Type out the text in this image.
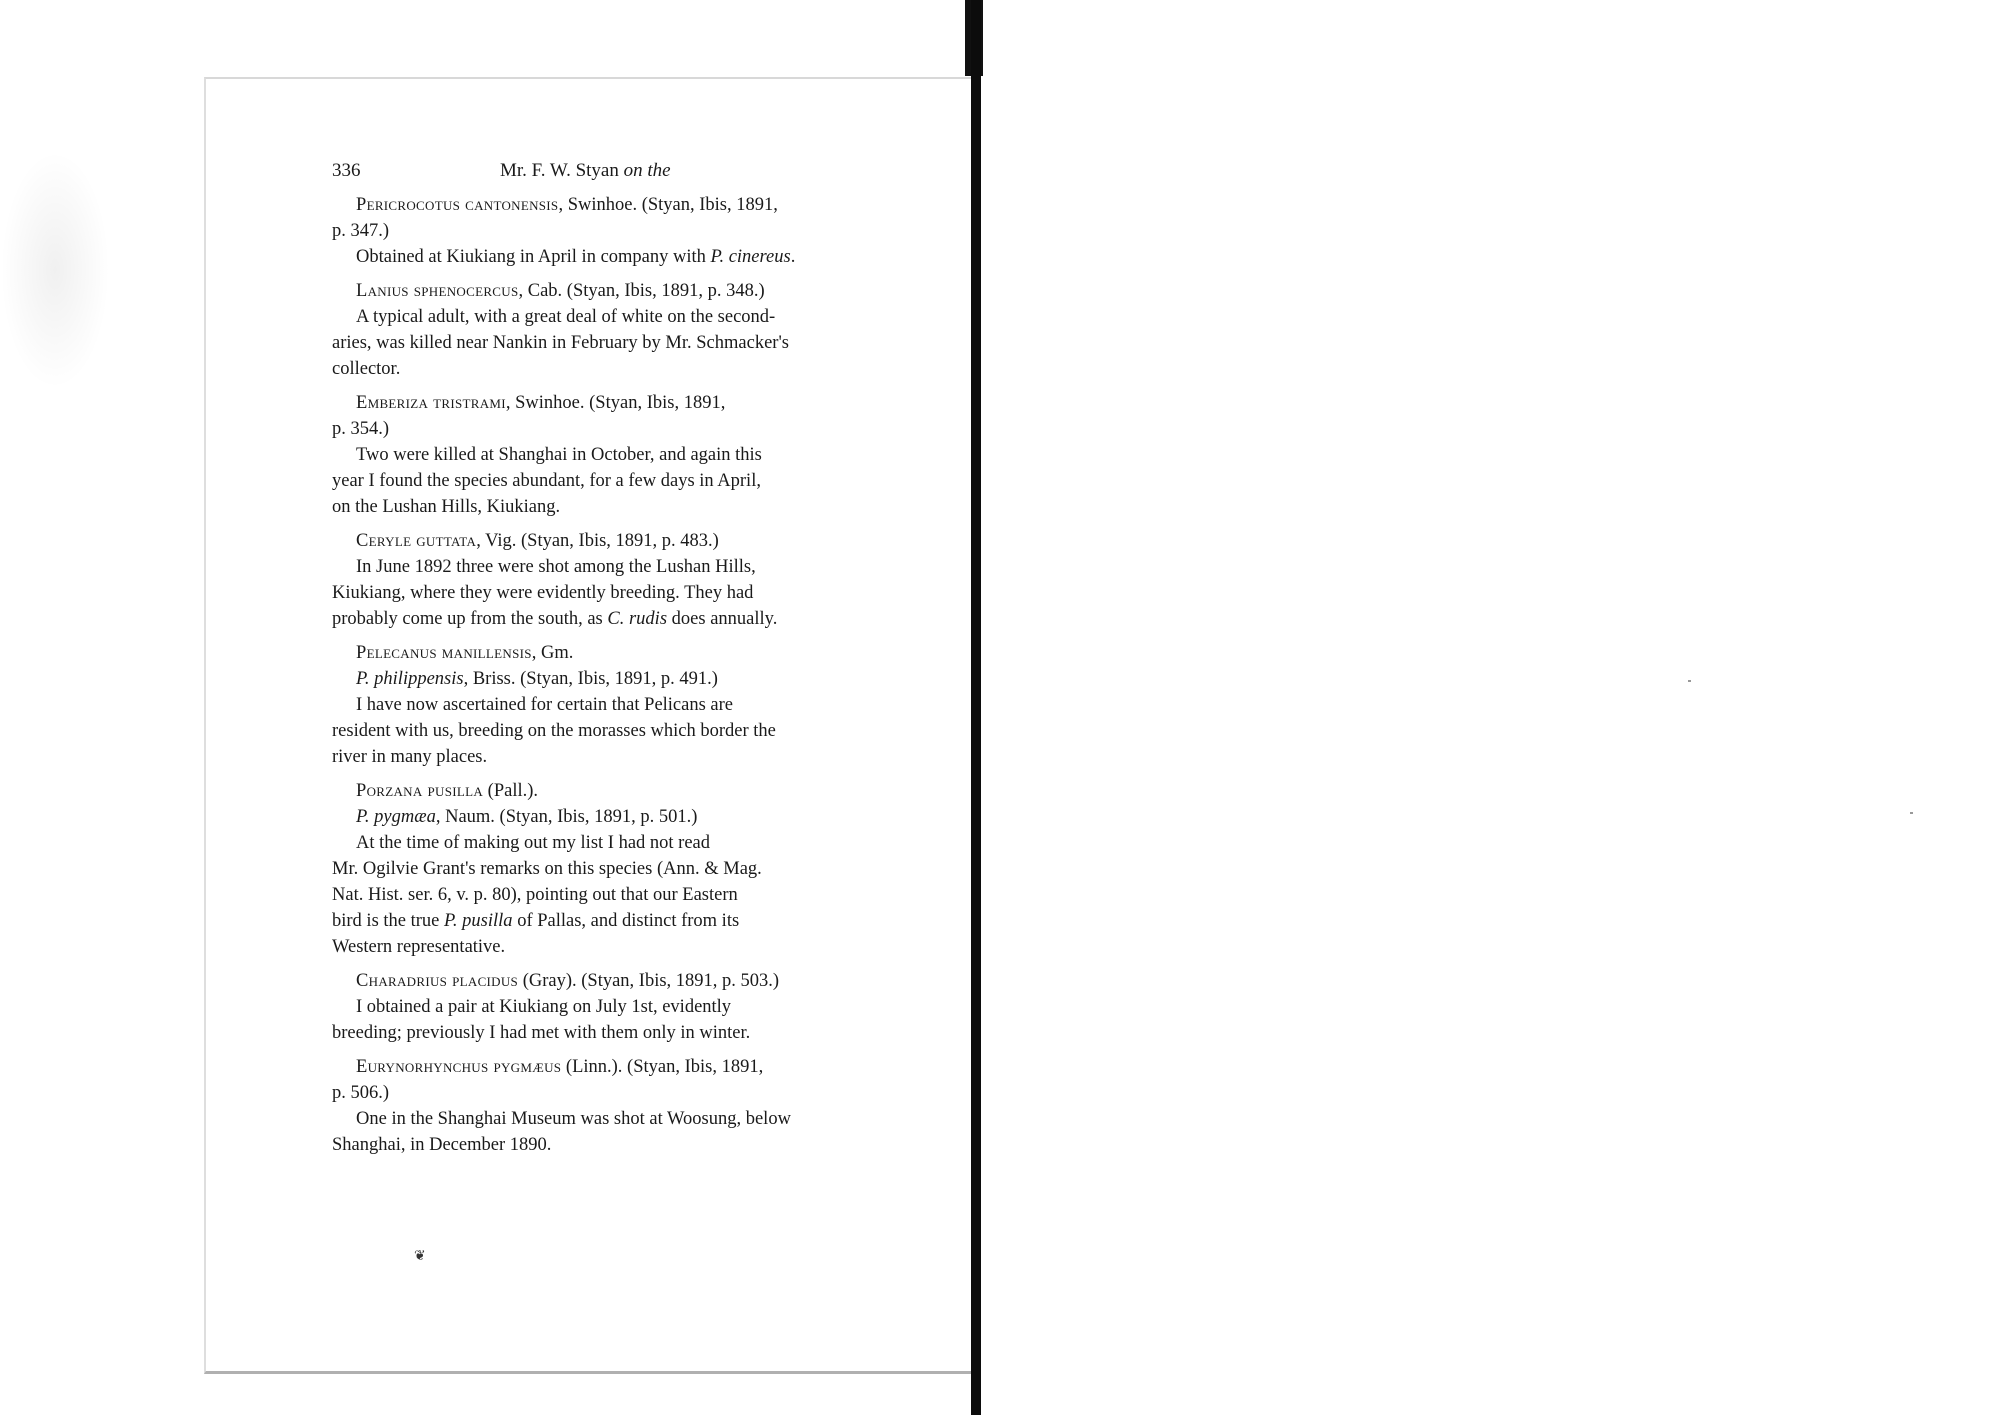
336	Mr. F. W. Styan on the
Pericrocotus cantonensis, Swinhoe. (Styan, Ibis, 1891,
p. 347.)
Obtained at Kiukiang in April in company with P. cinereus.
Lanius sphenocercus, Cab. (Styan, Ibis, 1891, p. 348.)
A typical adult, with a great deal of white on the second-
aries, was killed near Nankin in February by Mr. Schmacker's
collector.
Emberiza tristrami, Swinhoe. (Styan, Ibis, 1891,
p. 354.)
Two were killed at Shanghai in October, and again this
year I found the species abundant, for a few days in April,
on the Lushan Hills, Kiukiang.
Ceryle guttata, Vig. (Styan, Ibis, 1891, p. 483.)
In June 1892 three were shot among the Lushan Hills,
Kiukiang, where they were evidently breeding. They had
probably come up from the south, as C. rudis does annually.
Pelecanus manillensis, Gm.
P. philippensis, Briss. (Styan, Ibis, 1891, p. 491.)
I have now ascertained for certain that Pelicans are
resident with us, breeding on the morasses which border the
river in many places.
Porzana pusilla (Pall.).
P. pygmæa, Naum. (Styan, Ibis, 1891, p. 501.)
At the time of making out my list I had not read
Mr. Ogilvie Grant's remarks on this species (Ann. & Mag.
Nat. Hist. ser. 6, v. p. 80), pointing out that our Eastern
bird is the true P. pusilla of Pallas, and distinct from its
Western representative.
Charadrius placidus (Gray). (Styan, Ibis, 1891, p. 503.)
I obtained a pair at Kiukiang on July 1st, evidently
breeding; previously I had met with them only in winter.
Eurynorhynchus pygmæus (Linn.). (Styan, Ibis, 1891,
p. 506.)
One in the Shanghai Museum was shot at Woosung, below
Shanghai, in December 1890.
❦
